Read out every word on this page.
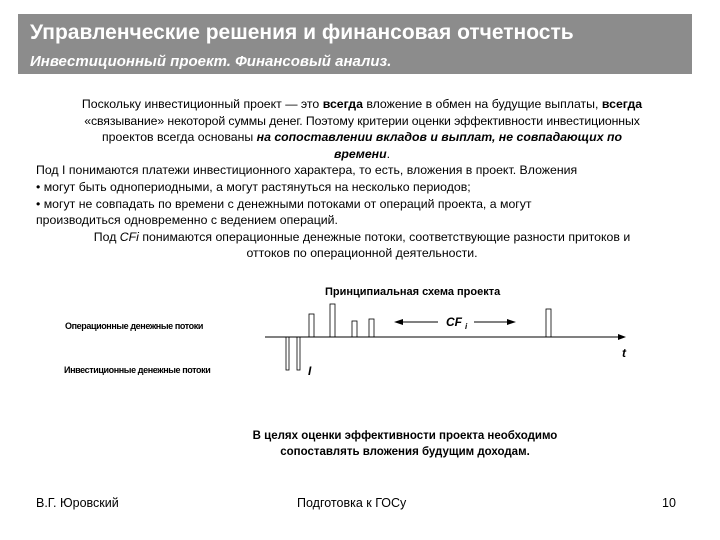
Управленческие решения и финансовая отчетность
Инвестиционный проект. Финансовый анализ.

Поскольку инвестиционный проект — это всегда вложение в обмен на будущие выплаты, всегда
«связывание» некоторой суммы денег. Поэтому критерии оценки эффективности инвестиционных
проектов всегда основаны на сопоставлении вкладов и выплат, не совпадающих по
времени.

Под I понимаются платежи инвестиционного характера, то есть, вложения в проект. Вложения

• могут быть однопериодными, а могут растянуться на несколько периодов;

• могут не совпадать по времени с денежными потоками от операций проекта, а могут
производиться одновременно с ведением операций.

Под CFi понимаются операционные денежные потоки, соответствующие разности притоков и
оттоков по операционной деятельности.

Принципиальная схема проекта
Операционные денежные потоки
Инвестиционные денежные потоки
t
I
CF i
В целях оценки эффективности проекта необходимо
сопоставлять вложения будущим доходам.
В.Г. Юровский	Подготовка к ГОСу	10
